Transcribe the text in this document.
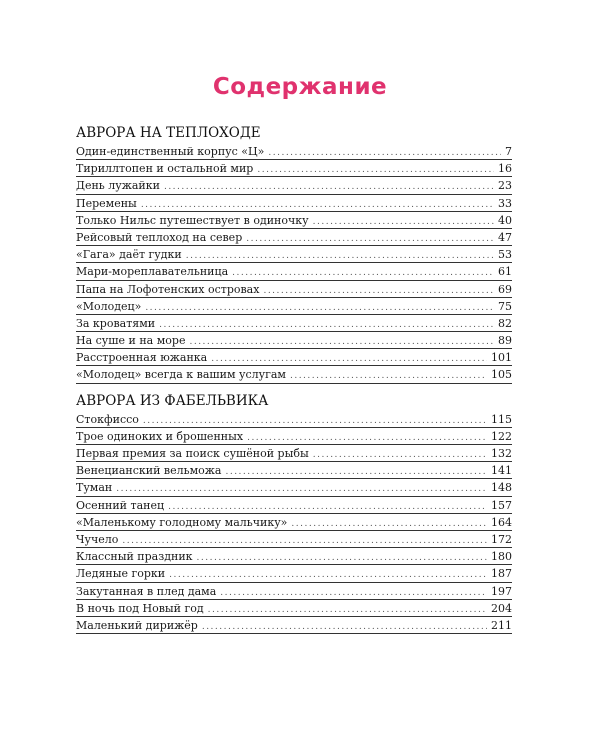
Содержание
АВРОРА НА ТЕПЛОХОДЕ
Один-единственный корпус «Ц» .....	7
Тириллтопен и остальной мир .....	16
День лужайки .....	23
Перемены .....	33
Только Нильс путешествует в одиночку .....	40
Рейсовый теплоход на север .....	47
«Гага» даёт гудки .....	53
Мари-мореплавательница .....	61
Папа на Лофотенских островах .....	69
«Молодец» .....	75
За кроватями .....	82
На суше и на море .....	89
Расстроенная южанка .....	101
«Молодец» всегда к вашим услугам .....	105
АВРОРА ИЗ ФАБЕЛЬВИКА
Стокфиссо .....	115
Трое одиноких и брошенных .....	122
Первая премия за поиск сушёной рыбы .....	132
Венецианский вельможа .....	141
Туман .....	148
Осенний танец .....	157
«Маленькому голодному мальчику» .....	164
Чучело .....	172
Классный праздник .....	180
Ледяные горки .....	187
Закутанная в плед дама .....	197
В ночь под Новый год .....	204
Маленький дирижёр .....	211
